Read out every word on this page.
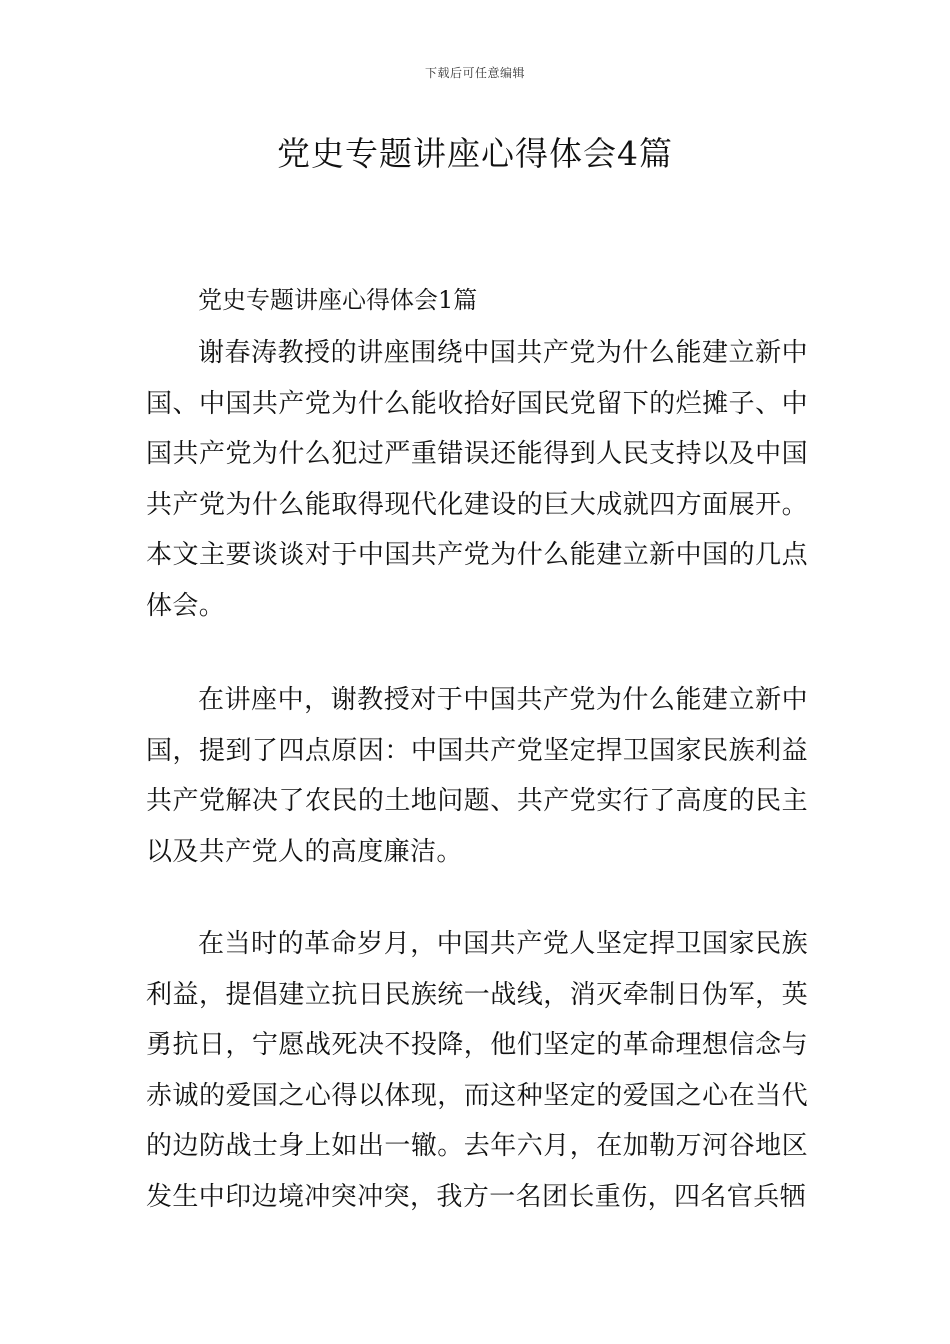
下载后可任意编辑
党史专题讲座心得体会4篇
党史专题讲座心得体会1篇

谢春涛教授的讲座围绕中国共产党为什么能建立新中国、中国共产党为什么能收拾好国民党留下的烂摊子、中国共产党为什么犯过严重错误还能得到人民支持以及中国共产党为什么能取得现代化建设的巨大成就四方面展开。本文主要谈谈对于中国共产党为什么能建立新中国的几点体会。

在讲座中，谢教授对于中国共产党为什么能建立新中国，提到了四点原因：中国共产党坚定捍卫国家民族利益共产党解决了农民的土地问题、共产党实行了高度的民主以及共产党人的高度廉洁。

在当时的革命岁月，中国共产党人坚定捍卫国家民族利益，提倡建立抗日民族统一战线，消灭牵制日伪军，英勇抗日，宁愿战死决不投降，他们坚定的革命理想信念与赤诚的爱国之心得以体现，而这种坚定的爱国之心在当代的边防战士身上如出一辙。去年六月，在加勒万河谷地区发生中印边境冲突冲突，我方一名团长重伤，四名官兵牺
